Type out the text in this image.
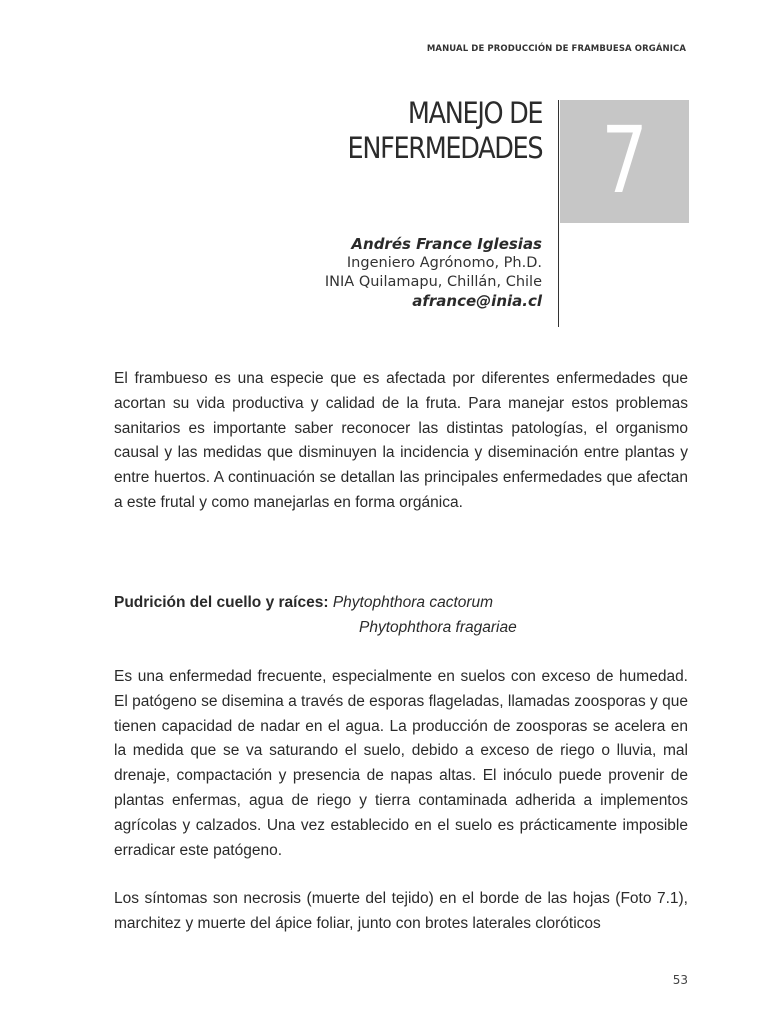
MANUAL DE PRODUCCIÓN DE FRAMBUESA ORGÁNICA
MANEJO DE
ENFERMEDADES 7
Andrés France Iglesias
Ingeniero Agrónomo, Ph.D.
INIA Quilamapu, Chillán, Chile
afrance@inia.cl

El frambueso es una especie que es afectada por diferentes enfermedades que acortan su vida productiva y calidad de la fruta. Para manejar estos problemas sanitarios es importante saber reconocer las distintas patologías, el organismo causal y las medidas que disminuyen la incidencia y diseminación entre plantas y entre huertos. A continuación se detallan las principales enfermedades que afectan a este frutal y como manejarlas en forma orgánica.

Pudrición del cuello y raíces: Phytophthora cactorum
Phytophthora fragariae

Es una enfermedad frecuente, especialmente en suelos con exceso de humedad. El patógeno se disemina a través de esporas flageladas, llamadas zoosporas y que tienen capacidad de nadar en el agua. La producción de zoosporas se acelera en la medida que se va saturando el suelo, debido a exceso de riego o lluvia, mal drenaje, compactación y presencia de napas altas. El inóculo puede provenir de plantas enfermas, agua de riego y tierra contaminada adherida a implementos agrícolas y calzados. Una vez establecido en el suelo es prácticamente imposible erradicar este patógeno.

Los síntomas son necrosis (muerte del tejido) en el borde de las hojas (Foto 7.1), marchitez y muerte del ápice foliar, junto con brotes laterales cloróticos

53
